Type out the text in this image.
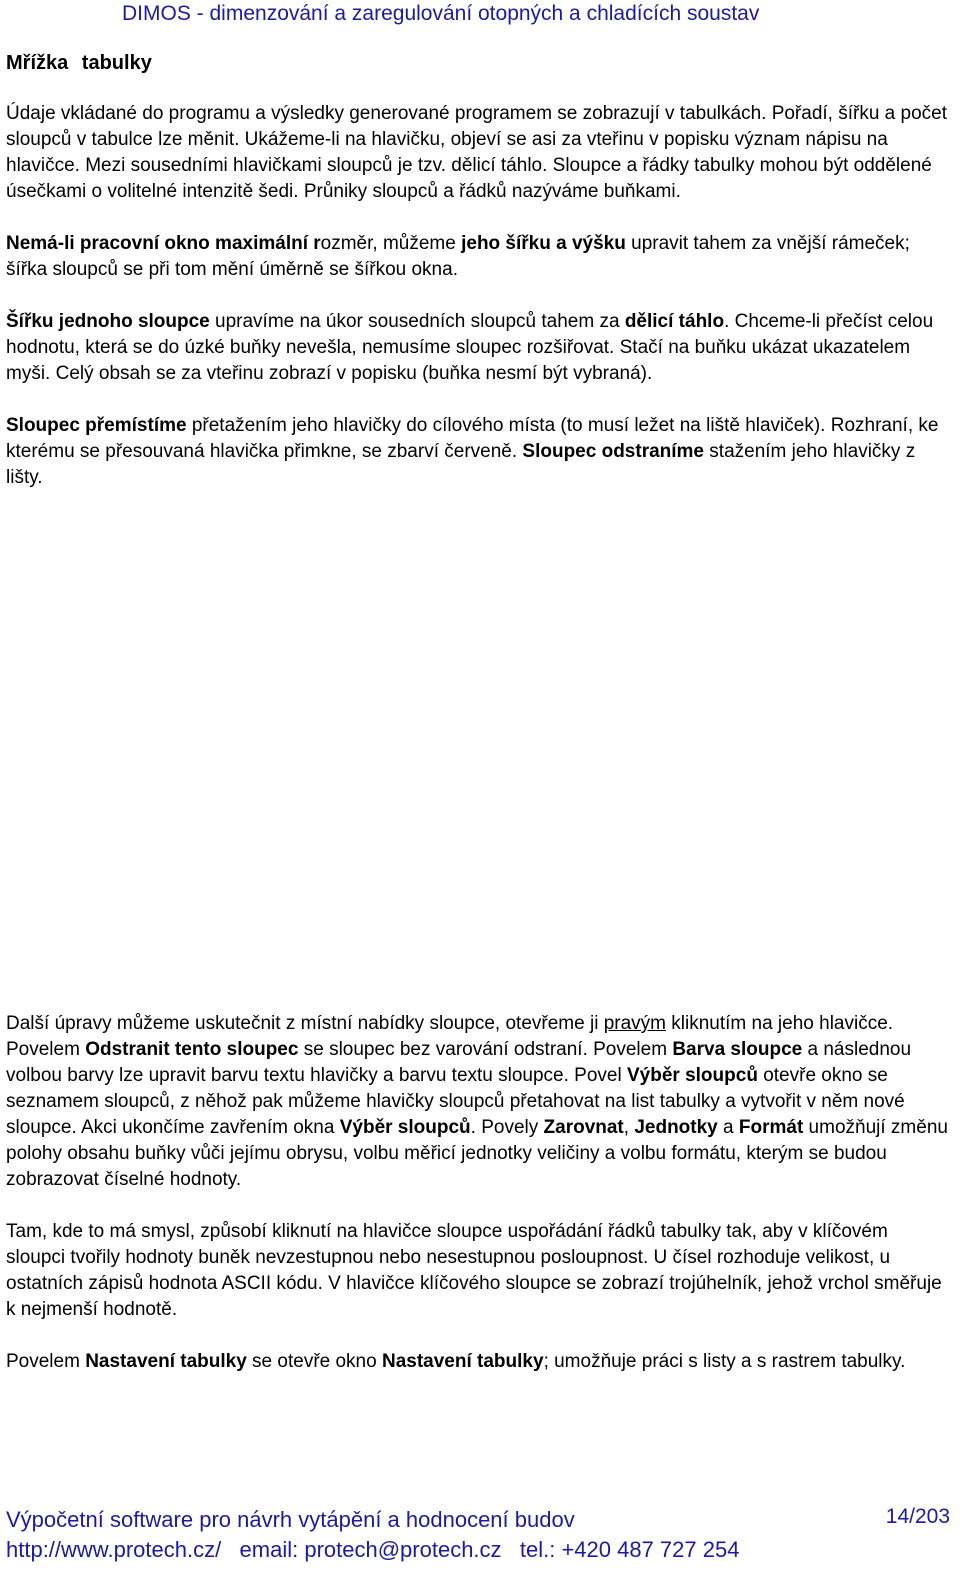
DIMOS - dimenzování a zaregulování otopných a chladících soustav
Mřížka tabulky

Údaje vkládané do programu a výsledky generované programem se zobrazují v tabulkách. Pořadí, šířku a počet sloupců v tabulce lze měnit. Ukážeme-li na hlavičku, objeví se asi za vteřinu v popisku význam nápisu na hlavičce. Mezi sousedními hlavičkami sloupců je tzv. dělicí táhlo. Sloupce a řádky tabulky mohou být oddělené úsečkami o volitelné intenzitě šedi. Průniky sloupců a řádků nazýváme buňkami.

Nemá-li pracovní okno maximální rozměr, můžeme jeho šířku a výšku upravit tahem za vnější rámeček; šířka sloupců se při tom mění úměrně se šířkou okna.

Šířku jednoho sloupce upravíme na úkor sousedních sloupců tahem za dělicí táhlo. Chceme-li přečíst celou hodnotu, která se do úzké buňky nevešla, nemusíme sloupec rozšiřovat. Stačí na buňku ukázat ukazatelem myši. Celý obsah se za vteřinu zobrazí v popisku (buňka nesmí být vybraná).

Sloupec přemístíme přetažením jeho hlavičky do cílového místa (to musí ležet na liště hlaviček). Rozhraní, ke kterému se přesouvaná hlavička přimkne, se zbarví červeně. Sloupec odstraníme stažením jeho hlavičky z lišty.

Další úpravy můžeme uskutečnit z místní nabídky sloupce, otevřeme ji pravým kliknutím na jeho hlavičce. Povelem Odstranit tento sloupec se sloupec bez varování odstraní. Povelem Barva sloupce a následnou volbou barvy lze upravit barvu textu hlavičky a barvu textu sloupce. Povel Výběr sloupců otevře okno se seznamem sloupců, z něhož pak můžeme hlavičky sloupců přetahovat na list tabulky a vytvořit v něm nové sloupce. Akci ukončíme zavřením okna Výběr sloupců. Povely Zarovnat, Jednotky a Formát umožňují změnu polohy obsahu buňky vůči jejímu obrysu, volbu měřicí jednotky veličiny a volbu formátu, kterým se budou zobrazovat číselné hodnoty.

Tam, kde to má smysl, způsobí kliknutí na hlavičce sloupce uspořádání řádků tabulky tak, aby v klíčovém sloupci tvořily hodnoty buněk nevzestupnou nebo nesestupnou posloupnost. U čísel rozhoduje velikost, u ostatních zápisů hodnota ASCII kódu. V hlavičce klíčového sloupce se zobrazí trojúhelník, jehož vrchol směřuje k nejmenší hodnotě.

Povelem Nastavení tabulky se otevře okno Nastavení tabulky; umožňuje práci s listy a s rastrem tabulky.

Výpočetní software pro návrh vytápění a hodnocení budov	14/203
http://www.protech.cz/   email: protech@protech.cz   tel.: +420 487 727 254
